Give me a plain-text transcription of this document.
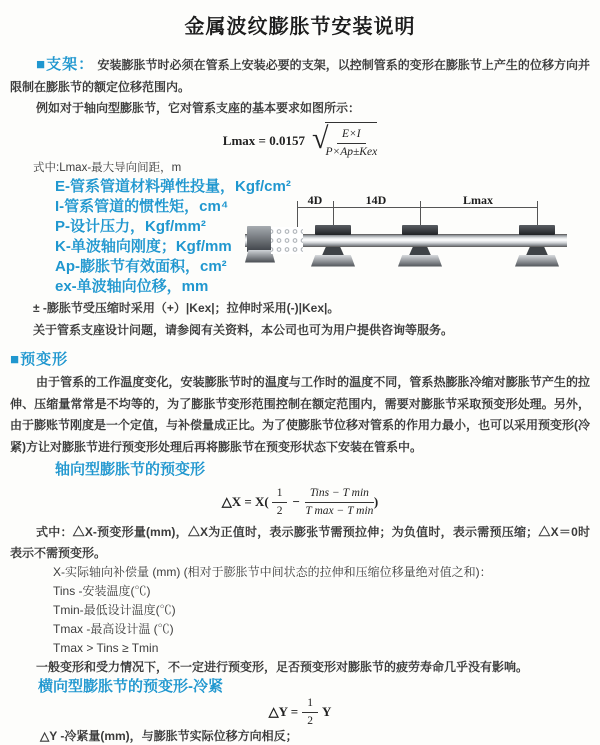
金属波纹膨胀节安装说明

■支架： 安装膨胀节时必须在管系上安装必要的支架，以控制管系的变形在膨胀节上产生的位移方向并限制在膨胀节的额定位移范围内。

例如对于轴向型膨胀节，它对管系支座的基本要求如图所示：

Lmax = 0.0157 √
$\frac{E\times I}{\text{P×Ap±Kex}}$
式中:Lmax-最大导向间距，m
E-管系管道材料弹性投量，Kgf/cm²
I-管系管道的惯性矩，cm⁴
P-设计压力，Kgf/mm²
K-单波轴向刚度；Kgf/mm
Ap-膨胀节有效面积，cm²
ex-单波轴向位移，mm
± -膨胀节受压缩时采用（+）|Kex|；拉伸时采用(-)|Kex|。
关于管系支座设计问题，请参阅有关资料，本公司也可为用户提供咨询等服务。
4D	14D	Lmax
■预变形

由于管系的工作温度变化，安装膨胀节时的温度与工作时的温度不同，管系热膨胀冷缩对膨胀节产生的拉伸、压缩量常常是不均等的，为了膨胀节变形范围控制在额定范围内，需要对膨胀节采取预变形处理。另外，由于膨账节刚度是一个定值，与补偿量成正比。为了使膨胀节位移对管系的作用力最小，也可以采用预变形(冷紧)方让对膨胀节进行预变形处理后再将膨胀节在预变形状态下安装在管系中。

轴向型膨胀节的预变形
△X = $X( \frac{1}{2} - \frac{\text{Tins − T min}}{\text{T max − T min}}$ )

式中：△X-预变形量(mm)，△X为正值时，表示膨张节需预拉伸；为负值时，表示需预压缩；△X＝0时表示不需预变形。

X-实际轴向补偿量 (mm) (相对于膨胀节中间状态的拉伸和压缩位移量绝对值之和)：
Tins -安装温度(℃)
Tmin-最低设计温度(℃)
Tmax -最高设计温 (℃)
Tmax > Tins ≥ Tmin

一般变形和受力情况下，不一定进行预变形，足否预变形对膨胀节的疲劳寿命几乎没有影响。

横向型膨胀节的预变形-冷紧
△Y = $\frac{1}{2}$ Y

△Y -冷紧量(mm)，与膨胀节实际位移方向相反；
